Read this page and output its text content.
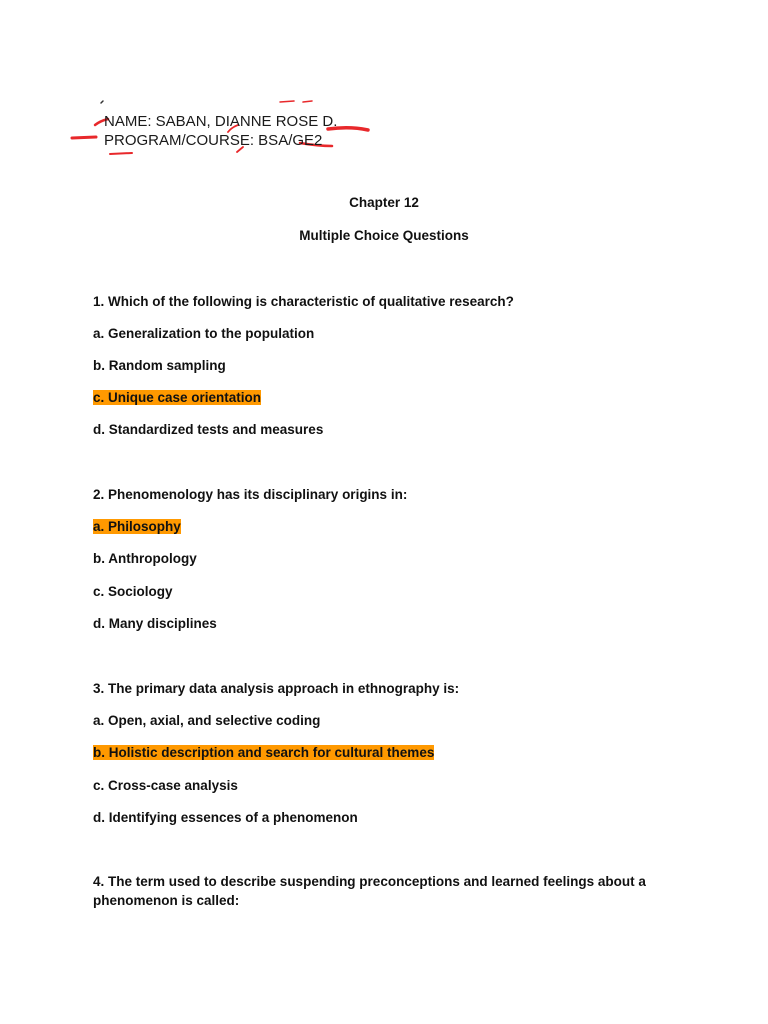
NAME: SABAN, DIANNE ROSE D.
PROGRAM/COURSE: BSA/GE2
Chapter 12
Multiple Choice Questions
1. Which of the following is characteristic of qualitative research?
a. Generalization to the population
b. Random sampling
c. Unique case orientation
d. Standardized tests and measures
2. Phenomenology has its disciplinary origins in:
a. Philosophy
b. Anthropology
c. Sociology
d. Many disciplines
3. The primary data analysis approach in ethnography is:
a. Open, axial, and selective coding
b. Holistic description and search for cultural themes
c. Cross-case analysis
d. Identifying essences of a phenomenon
4. The term used to describe suspending preconceptions and learned feelings about a phenomenon is called:
